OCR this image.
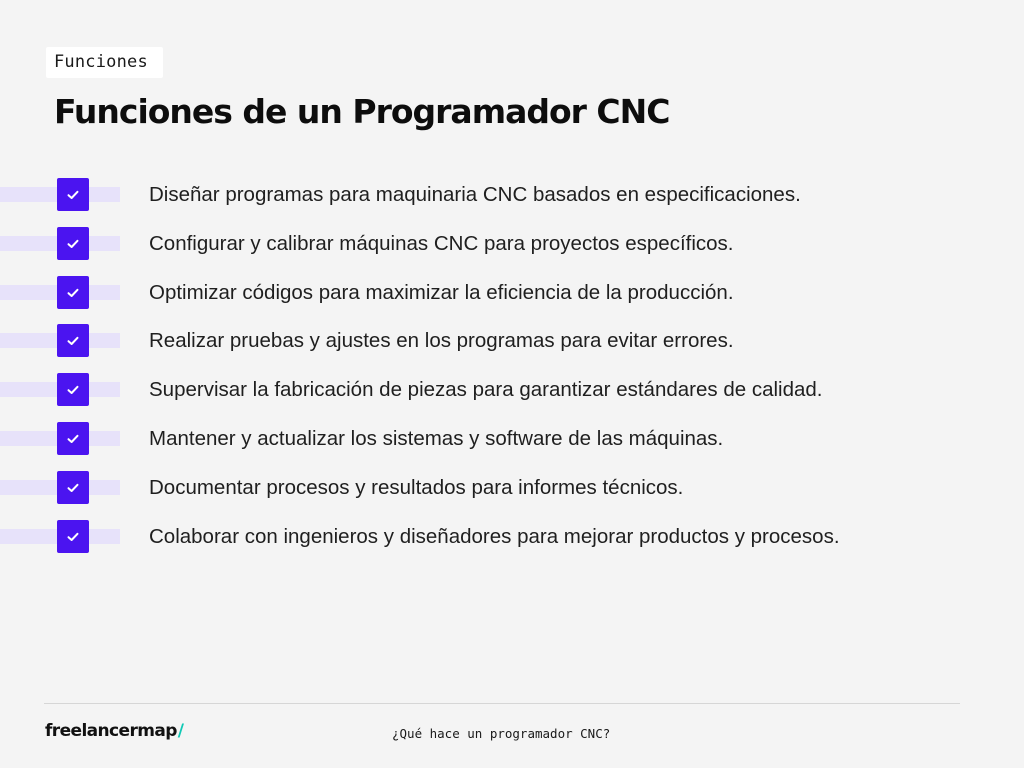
Funciones
Funciones de un Programador CNC
Diseñar programas para maquinaria CNC basados en especificaciones.
Configurar y calibrar máquinas CNC para proyectos específicos.
Optimizar códigos para maximizar la eficiencia de la producción.
Realizar pruebas y ajustes en los programas para evitar errores.
Supervisar la fabricación de piezas para garantizar estándares de calidad.
Mantener y actualizar los sistemas y software de las máquinas.
Documentar procesos y resultados para informes técnicos.
Colaborar con ingenieros y diseñadores para mejorar productos y procesos.
freelancermap/	¿Qué hace un programador CNC?
